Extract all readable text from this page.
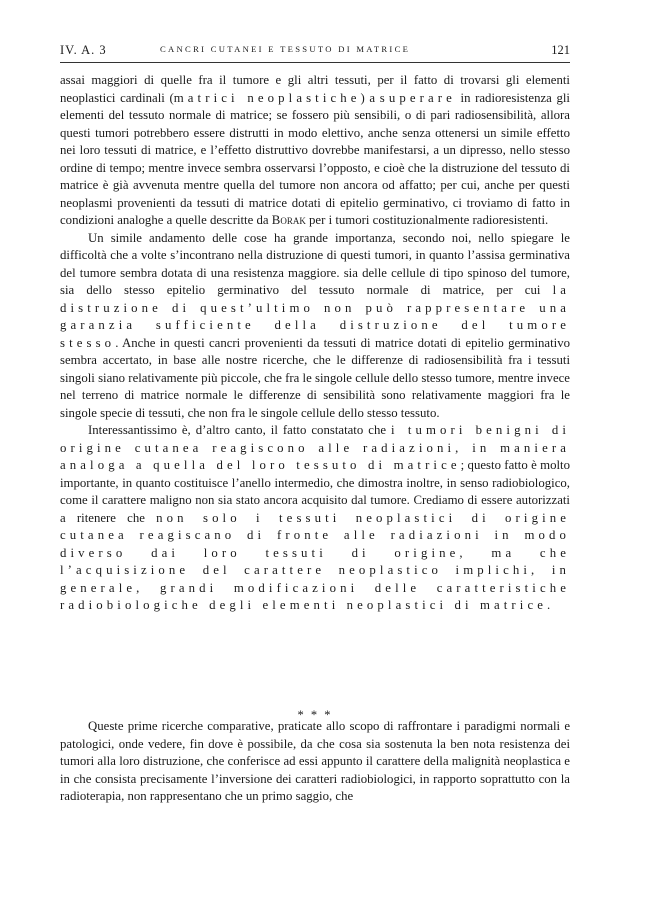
IV. A. 3	CANCRI CUTANEI E TESSUTO DI MATRICE	121

assai maggiori di quelle fra il tumore e gli altri tessuti, per il fatto di trovarsi gli elementi neoplastici cardinali (matrici neoplastiche) a superare in radioresistenza gli elementi del tessuto normale di matrice; se fossero più sensibili, o di pari radiosensibilità, allora questi tumori potrebbero essere distrutti in modo elettivo, anche senza ottenersi un simile effetto nei loro tessuti di matrice, e l’effetto distruttivo dovrebbe manifestarsi, a un dipresso, nello stesso ordine di tempo; mentre invece sembra osservarsi l’opposto, e cioè che la distruzione del tessuto di matrice è già avvenuta mentre quella del tumore non ancora od affatto; per cui, anche per questi neoplasmi provenienti da tessuti di matrice dotati di epitelio germinativo, ci troviamo di fatto in condizioni analoghe a quelle descritte da Borak per i tumori costituzionalmente radioresistenti.

Un simile andamento delle cose ha grande importanza, secondo noi, nello spiegare le difficoltà che a volte s’incontrano nella distruzione di questi tumori, in quanto l’assisa germinativa del tumore sembra dotata di una resistenza maggiore. sia delle cellule di tipo spinoso del tumore, sia dello stesso epitelio germinativo del tessuto normale di matrice, per cui la distruzione di quest’ultimo non può rappresentare una garanzia sufficiente della distruzione del tumore stesso. Anche in questi cancri provenienti da tessuti di matrice dotati di epitelio germinativo sembra accertato, in base alle nostre ricerche, che le differenze di radiosensibilità fra i tessuti singoli siano relativamente più piccole, che fra le singole cellule dello stesso tumore, mentre invece nel terreno di matrice normale le differenze di sensibilità sono relativamente maggiori fra le singole specie di tessuti, che non fra le singole cellule dello stesso tessuto.

Interessantissimo è, d’altro canto, il fatto constatato che i tumori benigni di origine cutanea reagiscono alle radiazioni, in maniera analoga a quella del loro tessuto di matrice; questo fatto è molto importante, in quanto costituisce l’anello intermedio, che dimostra inoltre, in senso radiobiologico, come il carattere maligno non sia stato ancora acquisito dal tumore. Crediamo di essere autorizzati a ritenere che non solo i tessuti neoplastici di origine cutanea reagiscano di fronte alle radiazioni in modo diverso dai loro tessuti di origine, ma che l’acquisizione del carattere neoplastico implichi, in generale, grandi modificazioni delle caratteristiche radiobiologiche degli elementi neoplastici di matrice.

* * *

Queste prime ricerche comparative, praticate allo scopo di raffrontare i paradigmi normali e patologici, onde vedere, fin dove è possibile, da che cosa sia sostenuta la ben nota resistenza dei tumori alla loro distruzione, che conferisce ad essi appunto il carattere della malignità neoplastica e in che consista precisamente l’inversione dei caratteri radiobiologici, in rapporto soprattutto con la radioterapia, non rappresentano che un primo saggio, che
